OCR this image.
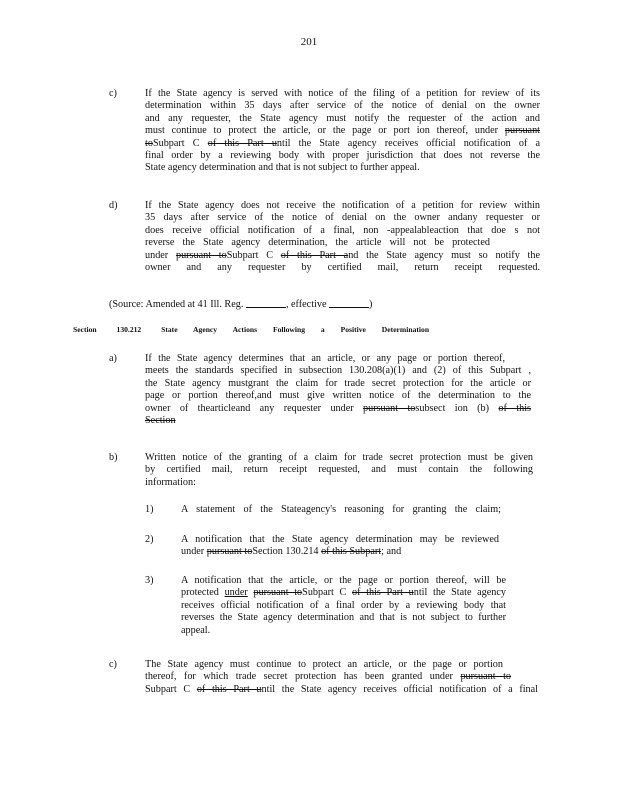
201
c)	If the State agency is served with notice of the filing of a petition for review of its
determination within 35 days after service of the notice of denial on the owner
and any requester, the State agency must notify the requester of the action and
must continue to protect the article, or the page or port ion thereof, under pursuant
toSubpart C of this Part until the State agency receives official notification of a
final order by a reviewing body with proper jurisdiction that does not reverse the
State agency determination and that is not subject to further appeal.
d)	If the State agency does not receive the notification of a petition for review within
35 days after service of the notice of denial on the owner andany requester or
does receive official notification of a final, non -appealableaction that doe s not
reverse the State agency determination, the article will not be protected
under pursuant toSubpart C of this Part and the State agency must so notify the
owner and any requester by certified mail, return receipt requested.
(Source: Amended at 41 Ill. Reg.	, effective	)
Section	130.212	State Agency Actions Following a Positive Determination
a)	If the State agency determines that an article, or any page or portion thereof,
meets the standards specified in subsection 130.208(a)(1) and (2) of this Subpart ,
the State agency mustgrant the claim for trade secret protection for the article or
page or portion thereof,and must give written notice of the determination to the
owner of thearticleand any requester under pursuant tosubsect ion (b) of this
Section
b)	Written notice of the granting of a claim for trade secret protection must be given
by certified mail, return receipt requested, and must contain the following
information:
1)	A statement of the Stateagency's reasoning for granting the claim;
2)	A notification that the State agency determination may be reviewed
under pursuant toSection 130.214 of this Subpart; and
3)	A notification that the article, or the page or portion thereof, will be
protected under pursuant toSubpart C of this Part until the State agency
receives official notification of a final order by a reviewing body that
reverses the State agency determination and that is not subject to further
appeal.
c)	The State agency must continue to protect an article, or the page or portion
thereof, for which trade secret protection has been granted under pursuant to
Subpart C of this Part until the State agency receives official notification of a final
